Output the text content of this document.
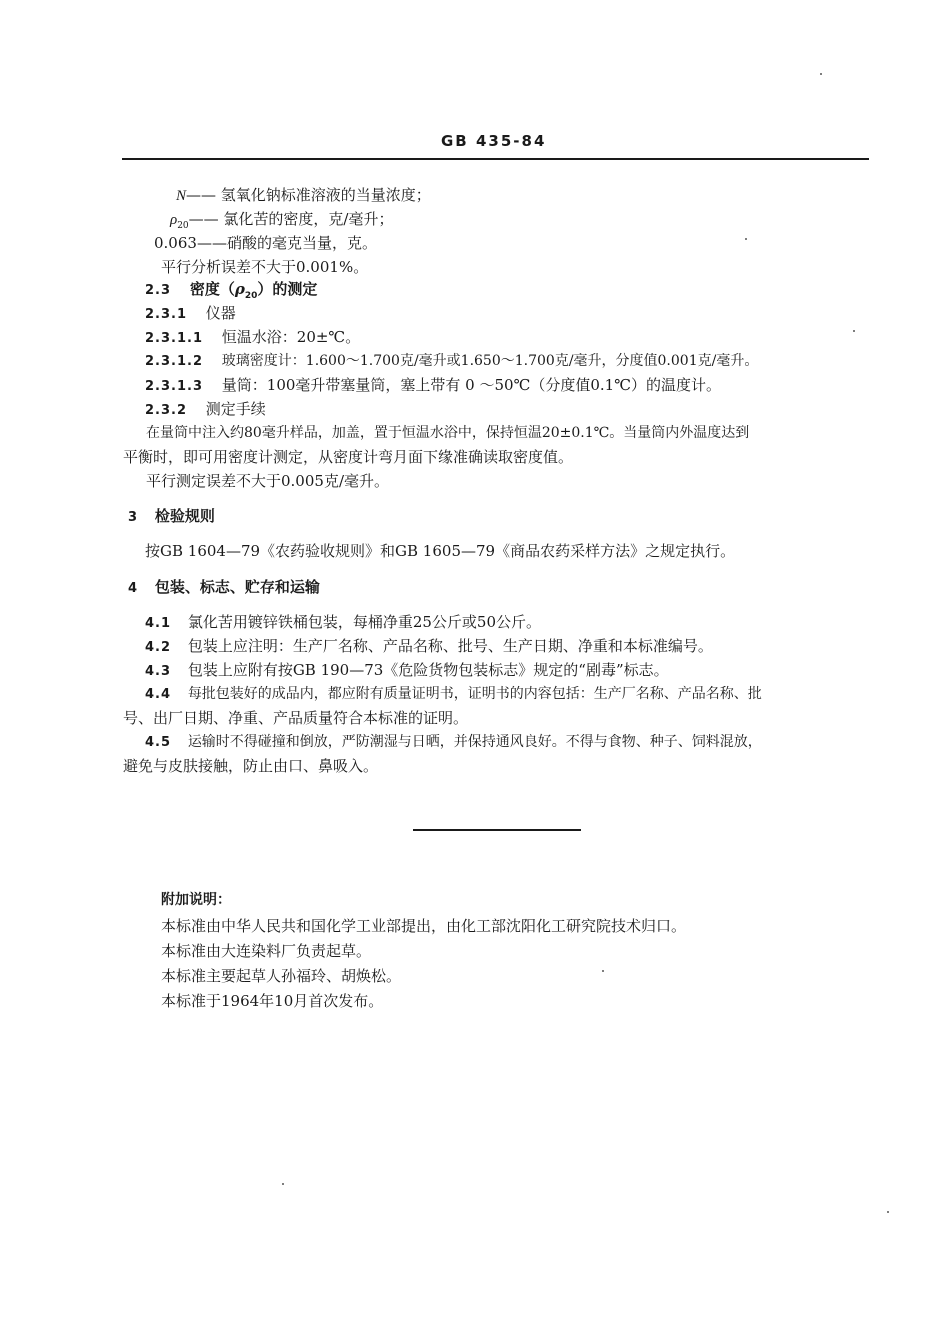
GB 435-84
N—— 氢氧化钠标准溶液的当量浓度；
$\rho_{20}——$ 氯化苦的密度，克/毫升；
0.063——硝酸的毫克当量，克。
平行分析误差不大于0.001%。
2.3 密度$(\rho_{20})$的测定
2.3.1 仪器
2.3.1.1 恒温水浴：20±℃。
2.3.1.2 玻璃密度计：1.600～1.700克/毫升或1.650～1.700克/毫升，分度值0.001克/毫升。
2.3.1.3 量筒：100毫升带塞量筒，塞上带有 0 ～50℃（分度值0.1℃）的温度计。
2.3.2 测定手续
在量筒中注入约80毫升样品，加盖，置于恒温水浴中，保持恒温20±0.1℃。当量筒内外温度达到
平衡时，即可用密度计测定，从密度计弯月面下缘准确读取密度值。
平行测定误差不大于0.005克/毫升。
3 检验规则
按GB 1604—79《农药验收规则》和GB 1605—79《商品农药采样方法》之规定执行。
4 包装、标志、贮存和运输
4.1 氯化苦用镀锌铁桶包装，每桶净重25公斤或50公斤。
4.2 包装上应注明：生产厂名称、产品名称、批号、生产日期、净重和本标准编号。
4.3 包装上应附有按GB 190—73《危险货物包装标志》规定的“剧毒”标志。
4.4 每批包装好的成品内，都应附有质量证明书，证明书的内容包括：生产厂名称、产品名称、批
号、出厂日期、净重、产品质量符合本标准的证明。
4.5 运输时不得碰撞和倒放，严防潮湿与日晒，并保持通风良好。不得与食物、种子、饲料混放，
避免与皮肤接触，防止由口、鼻吸入。
附加说明：
本标准由中华人民共和国化学工业部提出，由化工部沈阳化工研究院技术归口。
本标准由大连染料厂负责起草。
本标准主要起草人孙福玲、胡焕松。
本标准于1964年10月首次发布。
